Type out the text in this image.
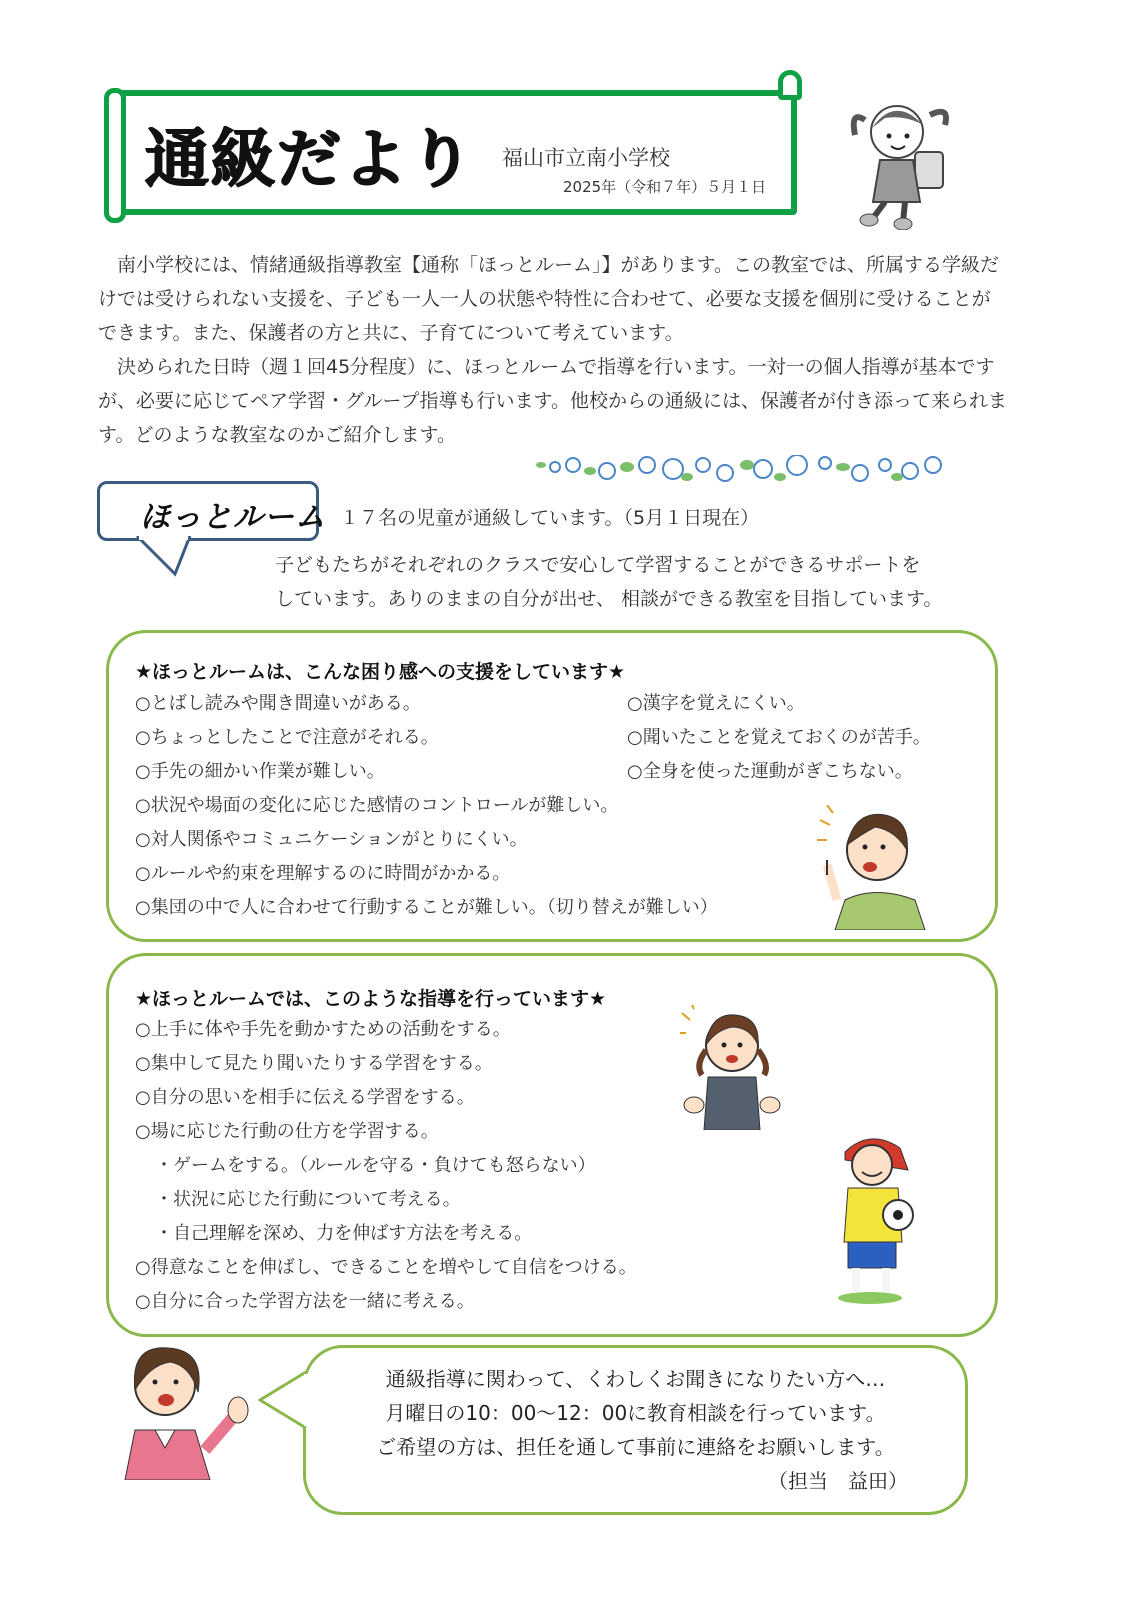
通級だより 福山市立南小学校
2025年（令和７年）５月１日

南小学校には、情緒通級指導教室【通称「ほっとルーム」】があります。この教室では、所属する学級だけでは受けられない支援を、子ども一人一人の状態や特性に合わせて、必要な支援を個別に受けることができます。また、保護者の方と共に、子育てについて考えています。

決められた日時（週１回45分程度）に、ほっとルームで指導を行います。一対一の個人指導が基本ですが、必要に応じてペア学習・グループ指導も行います。他校からの通級には、保護者が付き添って来られます。どのような教室なのかご紹介します。

ほっとルーム １７名の児童が通級しています。（5月１日現在）
子どもたちがそれぞれのクラスで安心して学習することができるサポートを
しています。ありのままの自分が出せ、 相談ができる教室を目指しています。
★ほっとルームは、こんな困り感への支援をしています★
○とばし読みや聞き間違いがある。
○ちょっとしたことで注意がそれる。
○手先の細かい作業が難しい。
○状況や場面の変化に応じた感情のコントロールが難しい。
○対人関係やコミュニケーションがとりにくい。
○ルールや約束を理解するのに時間がかかる。
○集団の中で人に合わせて行動することが難しい。（切り替えが難しい）
○漢字を覚えにくい。
○聞いたことを覚えておくのが苦手。
○全身を使った運動がぎこちない。
★ほっとルームでは、このような指導を行っています★
○上手に体や手先を動かすための活動をする。
○集中して見たり聞いたりする学習をする。
○自分の思いを相手に伝える学習をする。
○場に応じた行動の仕方を学習する。
・ゲームをする。（ルールを守る・負けても怒らない）
・状況に応じた行動について考える。
・自己理解を深め、力を伸ばす方法を考える。
○得意なことを伸ばし、できることを増やして自信をつける。
○自分に合った学習方法を一緒に考える。
通級指導に関わって、くわしくお聞きになりたい方へ…
月曜日の10：00～12：00に教育相談を行っています。
ご希望の方は、担任を通して事前に連絡をお願いします。
（担当　益田）
